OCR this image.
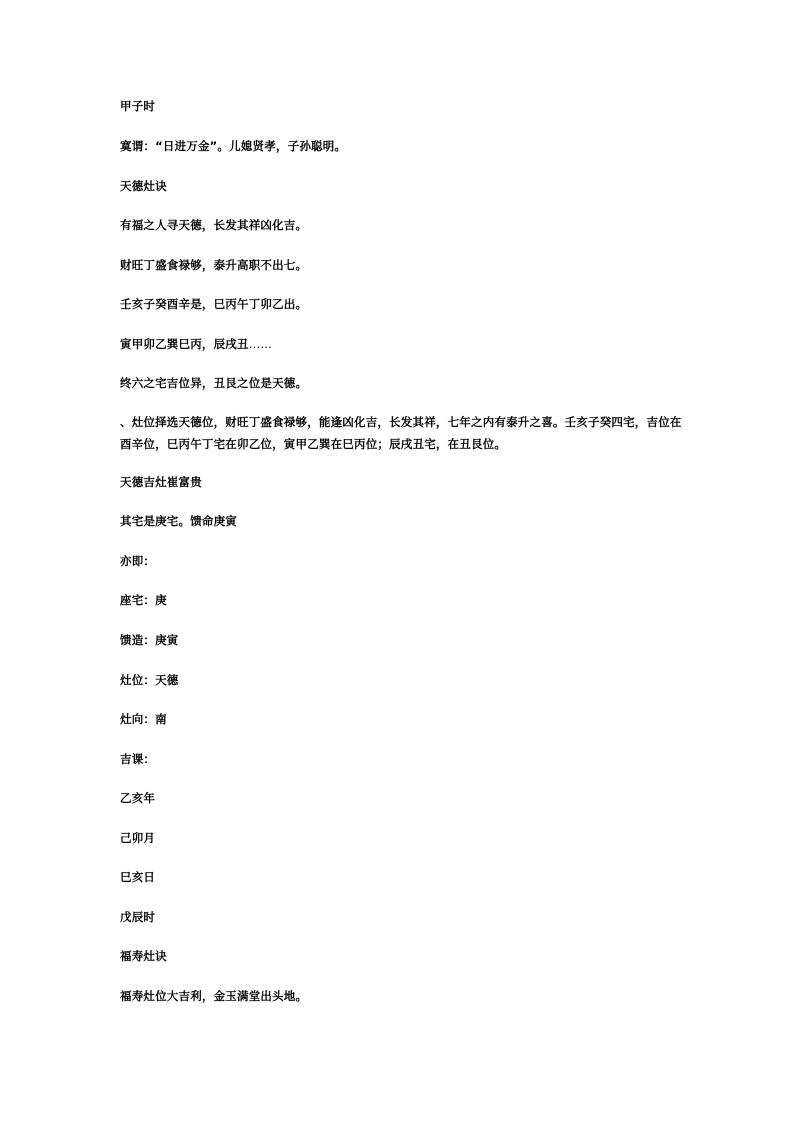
甲子时
寞谓：“日进万金”。儿媳贤孝，子孙聪明。
天德灶诀
有福之人寻天德，长发其祥凶化吉。
财旺丁盛食禄够，泰升高职不出七。
壬亥子癸酉辛是，巳丙午丁卯乙出。
寅甲卯乙巽巳丙，辰戌丑……
终六之宅吉位异，丑艮之位是天德。
、灶位择选天德位，财旺丁盛食禄够，能逢凶化吉，长发其祥，七年之内有泰升之喜。壬亥子癸四宅，吉位在酉辛位，巳丙午丁宅在卯乙位，寅甲乙巽在巳丙位；辰戌丑宅，在丑艮位。
天德吉灶崔富贵
其宅是庚宅。馈命庚寅
亦即：
座宅：庚
馈造：庚寅
灶位：天德
灶向：南
吉课：
乙亥年
己卯月
巳亥日
戊辰时
福寿灶诀
福寿灶位大吉利，金玉满堂出头地。
